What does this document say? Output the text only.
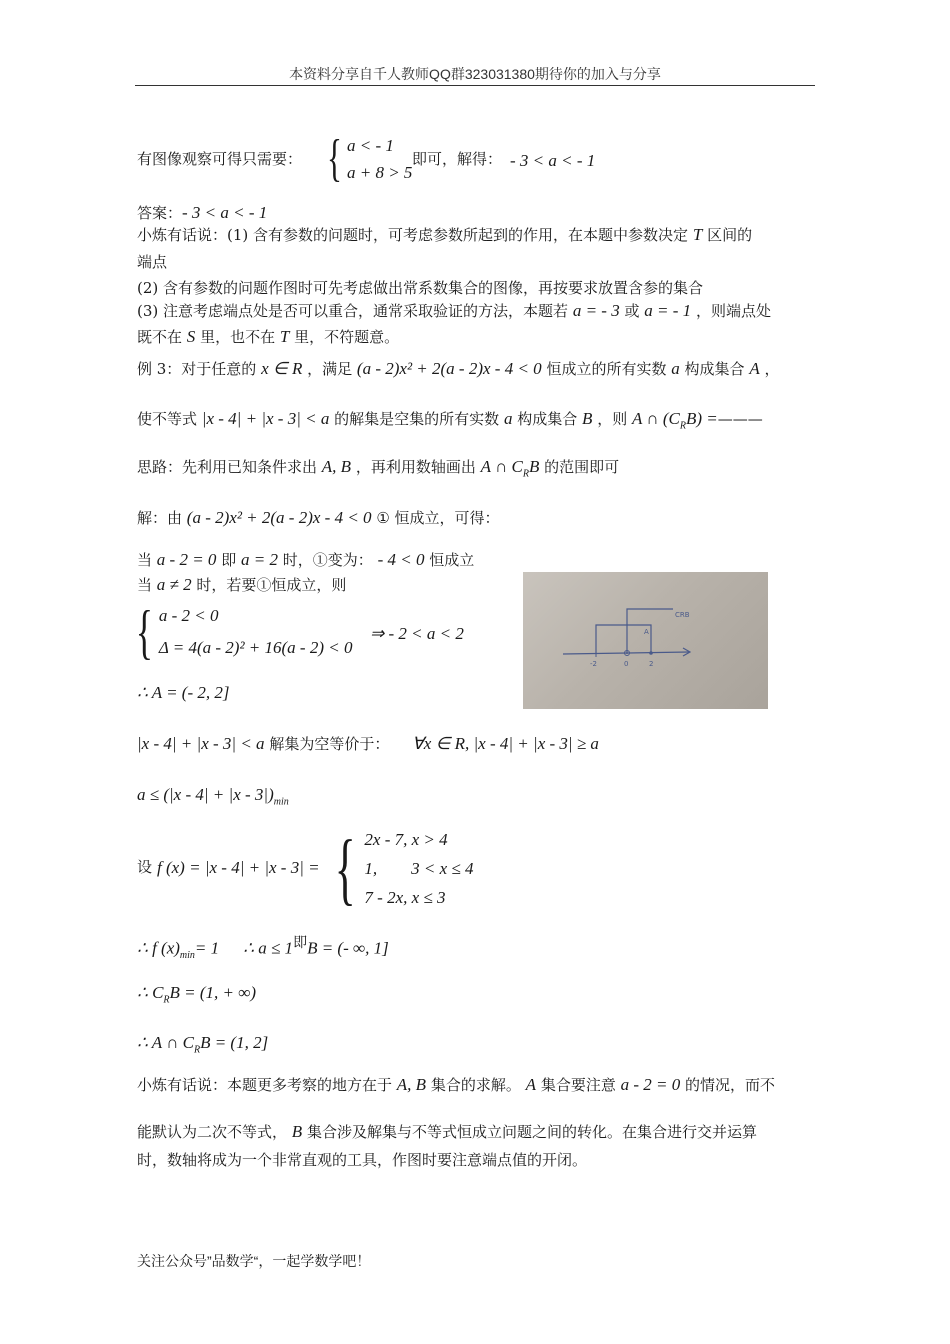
本资料分享自千人教师QQ群323031380期待你的加入与分享
有图像观察可得只需要： { a < - 1
a + 8 > 5
即可，解得： - 3 < a < - 1
答案：- 3 < a < - 1
小炼有话说：(1) 含有参数的问题时，可考虑参数所起到的作用，在本题中参数决定 T 区间的
端点
(2) 含有参数的问题作图时可先考虑做出常系数集合的图像，再按要求放置含参的集合
(3) 注意考虑端点处是否可以重合，通常采取验证的方法，本题若 a = - 3 或 a = - 1 ，则端点处
既不在 S 里，也不在 T 里，不符题意。
例 3：对于任意的 x ∈ R ，满足 (a - 2)x² + 2(a - 2)x - 4 < 0 恒成立的所有实数 a 构成集合 A ，
使不等式 |x - 4| + |x - 3| < a 的解集是空集的所有实数 a 构成集合 B ，则 A ∩ $(C_RB)$ =———
思路：先利用已知条件求出 A, B ，再利用数轴画出 A ∩ $C_RB$ 的范围即可
解：由 (a - 2)x² + 2(a - 2)x - 4 < 0 ① 恒成立，可得：
当 a - 2 = 0 即 a = 2 时，①变为： - 4 < 0 恒成立
当 a ≠ 2 时，若要①恒成立，则
{ a - 2 < 0
Δ = 4(a - 2)² + 16(a - 2) < 0
⇒ - 2 < a < 2
∴ A = (- 2, 2]
|x - 4| + |x - 3| < a 解集为空等价于： ∀x ∈ R, |x - 4| + |x - 3| ≥ a
$a \le (|x - 4| + |x - 3|)_{min}$
设 f (x) = |x - 4| + |x - 3| = { 2x - 7, x > 4
1, 3 < x ≤ 4
7 - 2x, x ≤ 3
∴ f $(x)_{min}= 1$ ∴ $a \le 1^即B$ = (- ∞, 1]
∴ $C_RB = (1$, + ∞)
∴ A ∩ $C_RB = (1$, 2]
小炼有话说：本题更多考察的地方在于 A, B 集合的求解。 A 集合要注意 a - 2 = 0 的情况，而不
能默认为二次不等式， B 集合涉及解集与不等式恒成立问题之间的转化。在集合进行交并运算
时，数轴将成为一个非常直观的工具，作图时要注意端点值的开闭。
-2	0	2
A
CRB
关注公众号”品数学“，一起学数学吧！
